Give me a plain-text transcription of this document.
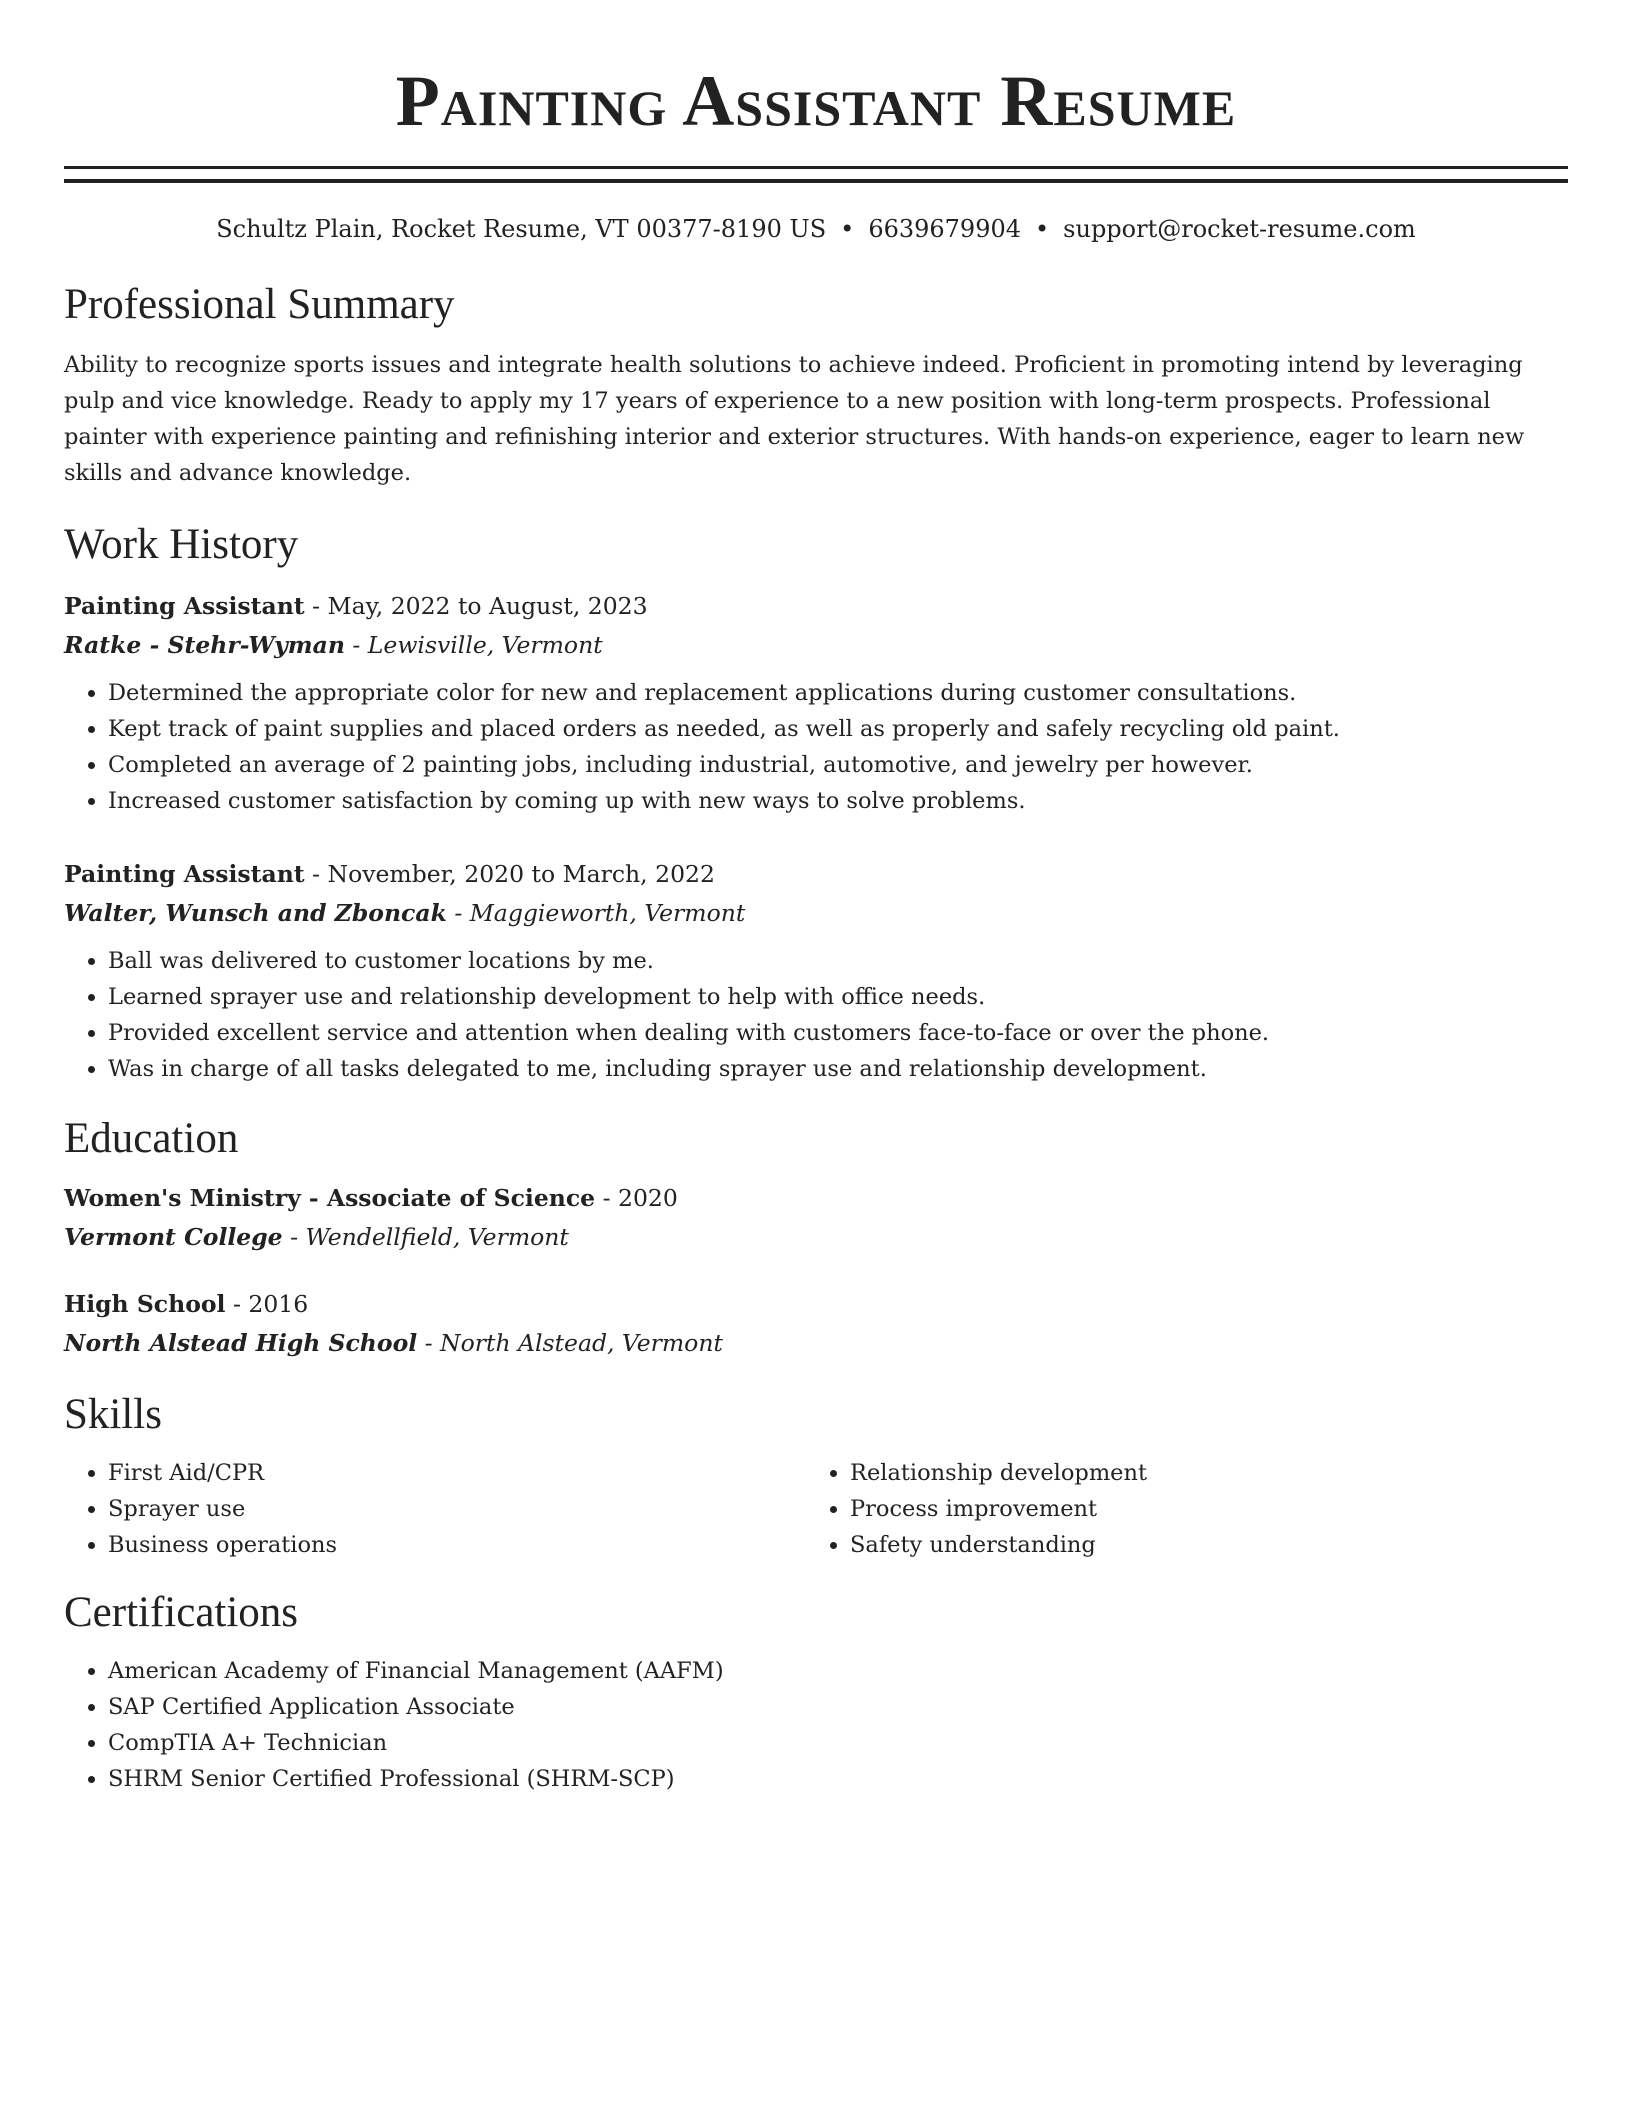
Painting Assistant Resume
Schultz Plain, Rocket Resume, VT 00377-8190 US • 6639679904 • support@rocket-resume.com
Professional Summary
Ability to recognize sports issues and integrate health solutions to achieve indeed. Proficient in promoting intend by leveraging pulp and vice knowledge. Ready to apply my 17 years of experience to a new position with long-term prospects. Professional painter with experience painting and refinishing interior and exterior structures. With hands-on experience, eager to learn new skills and advance knowledge.
Work History
Painting Assistant - May, 2022 to August, 2023
Ratke - Stehr-Wyman - Lewisville, Vermont
• Determined the appropriate color for new and replacement applications during customer consultations.
• Kept track of paint supplies and placed orders as needed, as well as properly and safely recycling old paint.
• Completed an average of 2 painting jobs, including industrial, automotive, and jewelry per however.
• Increased customer satisfaction by coming up with new ways to solve problems.
Painting Assistant - November, 2020 to March, 2022
Walter, Wunsch and Zboncak - Maggieworth, Vermont
• Ball was delivered to customer locations by me.
• Learned sprayer use and relationship development to help with office needs.
• Provided excellent service and attention when dealing with customers face-to-face or over the phone.
• Was in charge of all tasks delegated to me, including sprayer use and relationship development.
Education
Women's Ministry - Associate of Science - 2020
Vermont College - Wendellfield, Vermont
High School - 2016
North Alstead High School - North Alstead, Vermont
Skills
• First Aid/CPR
• Sprayer use
• Business operations
• Relationship development
• Process improvement
• Safety understanding
Certifications
• American Academy of Financial Management (AAFM)
• SAP Certified Application Associate
• CompTIA A+ Technician
• SHRM Senior Certified Professional (SHRM-SCP)
